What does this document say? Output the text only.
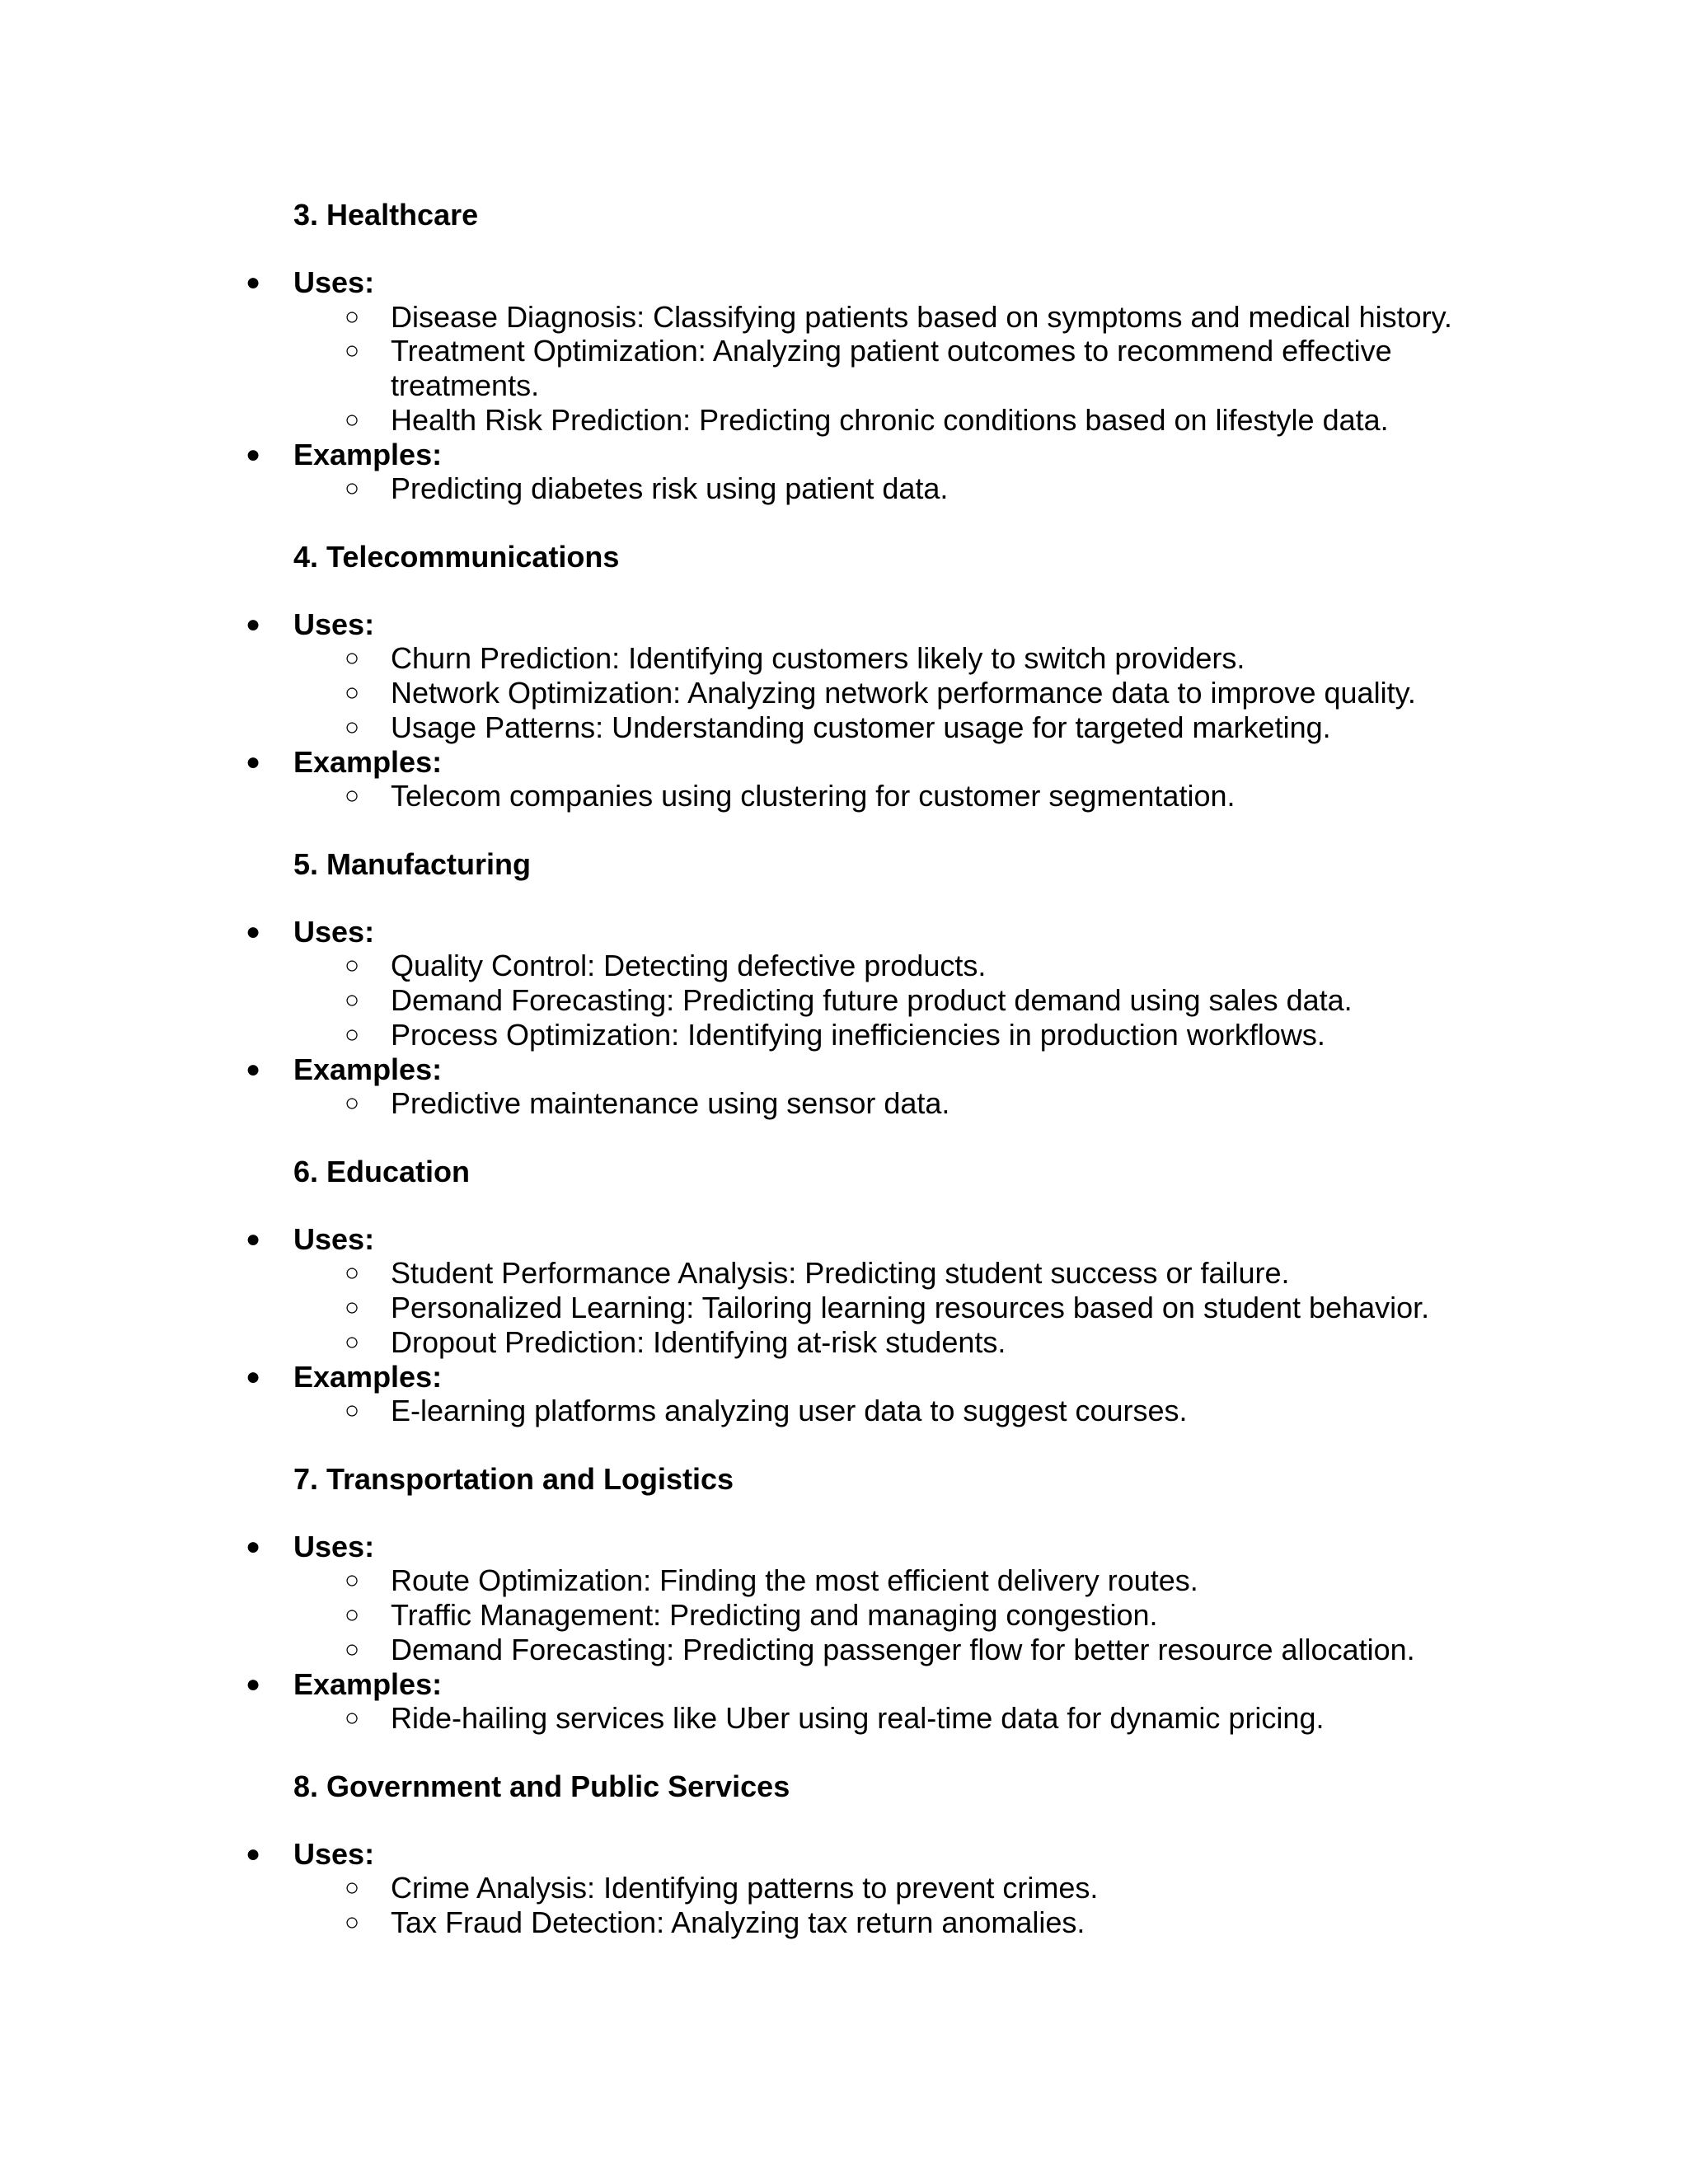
3. Healthcare
● Uses:
○ Disease Diagnosis: Classifying patients based on symptoms and medical history.
○ Treatment Optimization: Analyzing patient outcomes to recommend effective
treatments.
○ Health Risk Prediction: Predicting chronic conditions based on lifestyle data.
● Examples:
○ Predicting diabetes risk using patient data.
4. Telecommunications
● Uses:
○ Churn Prediction: Identifying customers likely to switch providers.
○ Network Optimization: Analyzing network performance data to improve quality.
○ Usage Patterns: Understanding customer usage for targeted marketing.
● Examples:
○ Telecom companies using clustering for customer segmentation.
5. Manufacturing
● Uses:
○ Quality Control: Detecting defective products.
○ Demand Forecasting: Predicting future product demand using sales data.
○ Process Optimization: Identifying inefficiencies in production workflows.
● Examples:
○ Predictive maintenance using sensor data.
6. Education
● Uses:
○ Student Performance Analysis: Predicting student success or failure.
○ Personalized Learning: Tailoring learning resources based on student behavior.
○ Dropout Prediction: Identifying at-risk students.
● Examples:
○ E-learning platforms analyzing user data to suggest courses.
7. Transportation and Logistics
● Uses:
○ Route Optimization: Finding the most efficient delivery routes.
○ Traffic Management: Predicting and managing congestion.
○ Demand Forecasting: Predicting passenger flow for better resource allocation.
● Examples:
○ Ride-hailing services like Uber using real-time data for dynamic pricing.
8. Government and Public Services
● Uses:
○ Crime Analysis: Identifying patterns to prevent crimes.
○ Tax Fraud Detection: Analyzing tax return anomalies.
